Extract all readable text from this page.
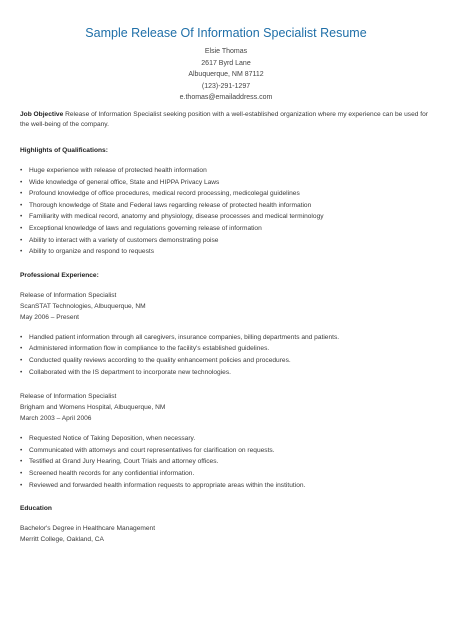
Sample Release Of Information Specialist Resume
Elsie Thomas
2617 Byrd Lane
Albuquerque, NM 87112
(123)-291-1297
e.thomas@emailaddress.com
Job Objective Release of Information Specialist seeking position with a well-established organization where my experience can be used for the well-being of the company.
Highlights of Qualifications:
• Huge experience with release of protected health information
• Wide knowledge of general office, State and HIPPA Privacy Laws
• Profound knowledge of office procedures, medical record processing, medicolegal guidelines
• Thorough knowledge of State and Federal laws regarding release of protected health information
• Familiarity with medical record, anatomy and physiology, disease processes and medical terminology
• Exceptional knowledge of laws and regulations governing release of information
• Ability to interact with a variety of customers demonstrating poise
• Ability to organize and respond to requests
Professional Experience:
Release of Information Specialist
ScanSTAT Technologies, Albuquerque, NM
May 2006 – Present
• Handled patient information through all caregivers, insurance companies, billing departments and patients.
• Administered information flow in compliance to the facility's established guidelines.
• Conducted quality reviews according to the quality enhancement policies and procedures.
• Collaborated with the IS department to incorporate new technologies.
Release of Information Specialist
Brigham and Womens Hospital, Albuquerque, NM
March 2003 – April 2006
• Requested Notice of Taking Deposition, when necessary.
• Communicated with attorneys and court representatives for clarification on requests.
• Testified at Grand Jury Hearing, Court Trials and attorney offices.
• Screened health records for any confidential information.
• Reviewed and forwarded health information requests to appropriate areas within the institution.
Education
Bachelor's Degree in Healthcare Management
Merritt College, Oakland, CA
